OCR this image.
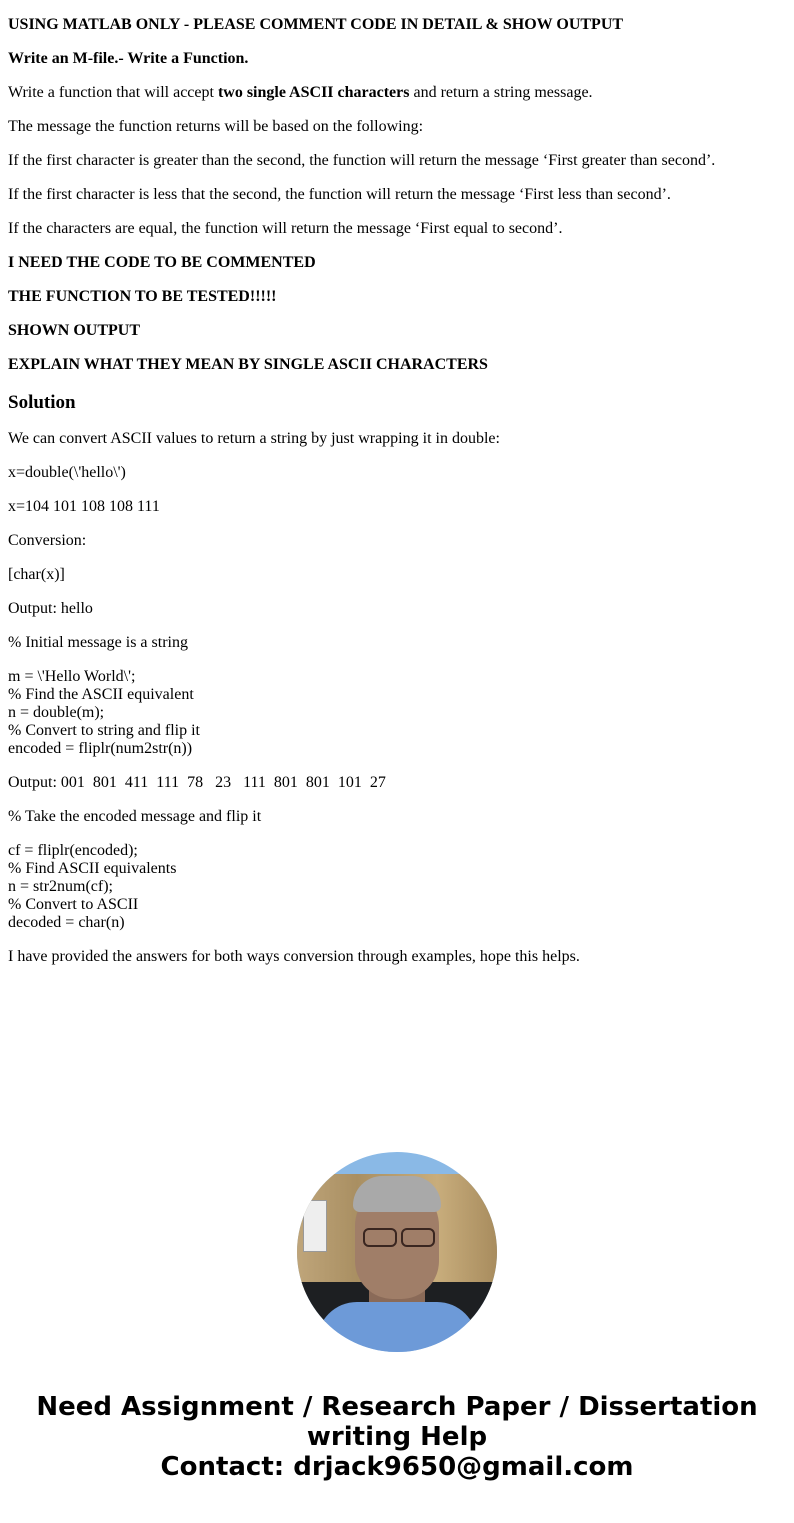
USING MATLAB ONLY - PLEASE COMMENT CODE IN DETAIL & SHOW OUTPUT

Write an M-file.- Write a Function.

Write a function that will accept two single ASCII characters and return a string message.

The message the function returns will be based on the following:

If the first character is greater than the second, the function will return the message ‘First greater than second’.

If the first character is less that the second, the function will return the message ‘First less than second’.

If the characters are equal, the function will return the message ‘First equal to second’.

I NEED THE CODE TO BE COMMENTED

THE FUNCTION TO BE TESTED!!!!!

SHOWN OUTPUT

EXPLAIN WHAT THEY MEAN BY SINGLE ASCII CHARACTERS

Solution

We can convert ASCII values to return a string by just wrapping it in double:

x=double(\'hello\')

x=104 101 108 108 111

Conversion:

[char(x)]

Output: hello

% Initial message is a string

m = \'Hello World\';
% Find the ASCII equivalent
n = double(m);
% Convert to string and flip it
encoded = fliplr(num2str(n))

Output: 001  801  411  111  78   23   111  801  801  101  27

% Take the encoded message and flip it

cf = fliplr(encoded);
% Find ASCII equivalents
n = str2num(cf);
% Convert to ASCII
decoded = char(n)

I have provided the answers for both ways conversion through examples, hope this helps.

Need Assignment / Research Paper / Dissertation writing Help
Contact: drjack9650@gmail.com
